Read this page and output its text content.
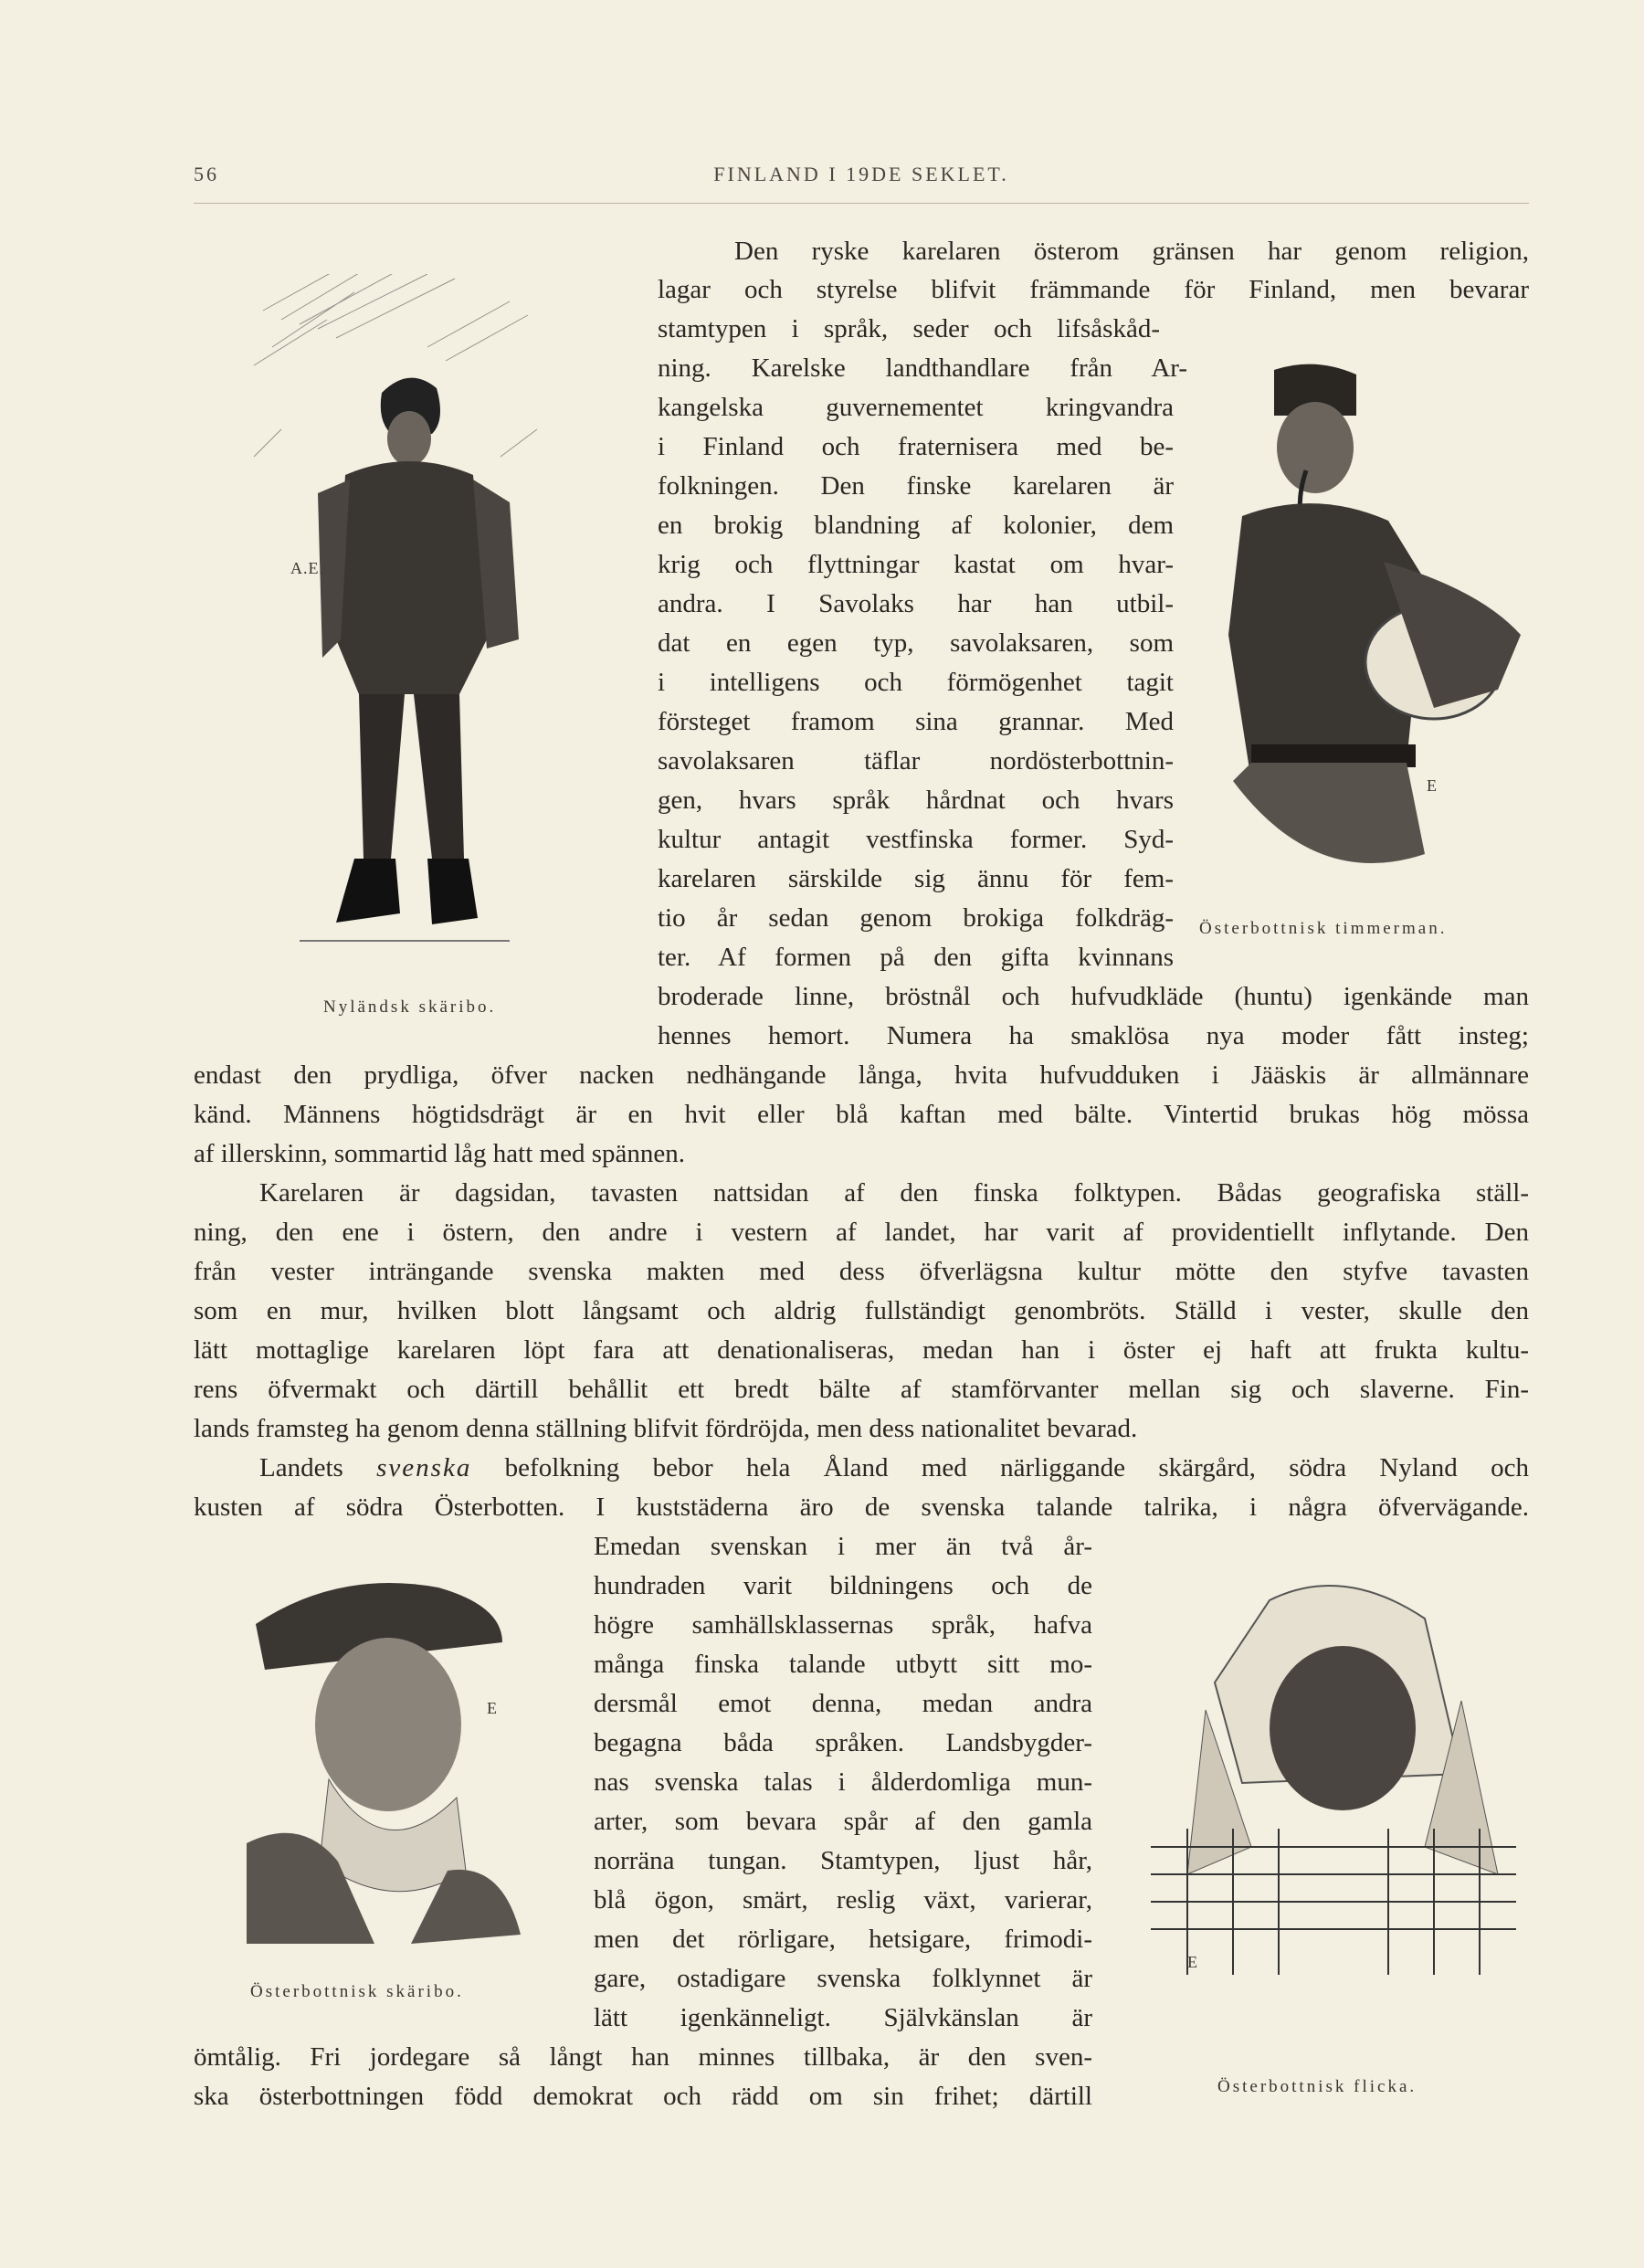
56	FINLAND I 19DE SEKLET.
A.E.
Nyländsk skäribo.
E
Österbottnisk timmerman.
E
Österbottnisk skäribo.
E
Österbottnisk flicka.
Den ryske karelaren österom gränsen har genom religion,
lagar och styrelse blifvit främmande för Finland, men bevarar
stamtypen i språk, seder och lifsåskåd-
ning. Karelske landthandlare från Ar-
kangelska guvernementet kringvandra
i Finland och fraternisera med be-
folkningen. Den finske karelaren är
en brokig blandning af kolonier, dem
krig och flyttningar kastat om hvar-
andra. I Savolaks har han utbil-
dat en egen typ, savolaksaren, som
i intelligens och förmögenhet tagit
försteget framom sina grannar. Med
savolaksaren täflar nordösterbottnin-
gen, hvars språk hårdnat och hvars
kultur antagit vestfinska former. Syd-
karelaren särskilde sig ännu för fem-
tio år sedan genom brokiga folkdräg-
ter. Af formen på den gifta kvinnans
broderade linne, bröstnål och hufvudkläde (huntu) igenkände man
hennes hemort. Numera ha smaklösa nya moder fått insteg;
endast den prydliga, öfver nacken nedhängande långa, hvita hufvudduken i Jääskis är allmännare
känd. Männens högtidsdrägt är en hvit eller blå kaftan med bälte. Vintertid brukas hög mössa
af illerskinn, sommartid låg hatt med spännen.
Karelaren är dagsidan, tavasten nattsidan af den finska folktypen. Bådas geografiska ställ-
ning, den ene i östern, den andre i vestern af landet, har varit af providentiellt inflytande. Den
från vester inträngande svenska makten med dess öfverlägsna kultur mötte den styfve tavasten
som en mur, hvilken blott långsamt och aldrig fullständigt genombröts. Ställd i vester, skulle den
lätt mottaglige karelaren löpt fara att denationaliseras, medan han i öster ej haft att frukta kultu-
rens öfvermakt och därtill behållit ett bredt bälte af stamförvanter mellan sig och slaverne. Fin-
lands framsteg ha genom denna ställning blifvit fördröjda, men dess nationalitet bevarad.
Landets svenska befolkning bebor hela Åland med närliggande skärgård, södra Nyland och
kusten af södra Österbotten. I kuststäderna äro de svenska talande talrika, i några öfvervägande.
Emedan svenskan i mer än två år-
hundraden varit bildningens och de
högre samhällsklassernas språk, hafva
många finska talande utbytt sitt mo-
dersmål emot denna, medan andra
begagna båda språken. Landsbygder-
nas svenska talas i ålderdomliga mun-
arter, som bevara spår af den gamla
norräna tungan. Stamtypen, ljust hår,
blå ögon, smärt, reslig växt, varierar,
men det rörligare, hetsigare, frimodi-
gare, ostadigare svenska folklynnet är
lätt igenkänneligt. Självkänslan är
ömtålig. Fri jordegare så långt han minnes tillbaka, är den sven-
ska österbottningen född demokrat och rädd om sin frihet; därtill
